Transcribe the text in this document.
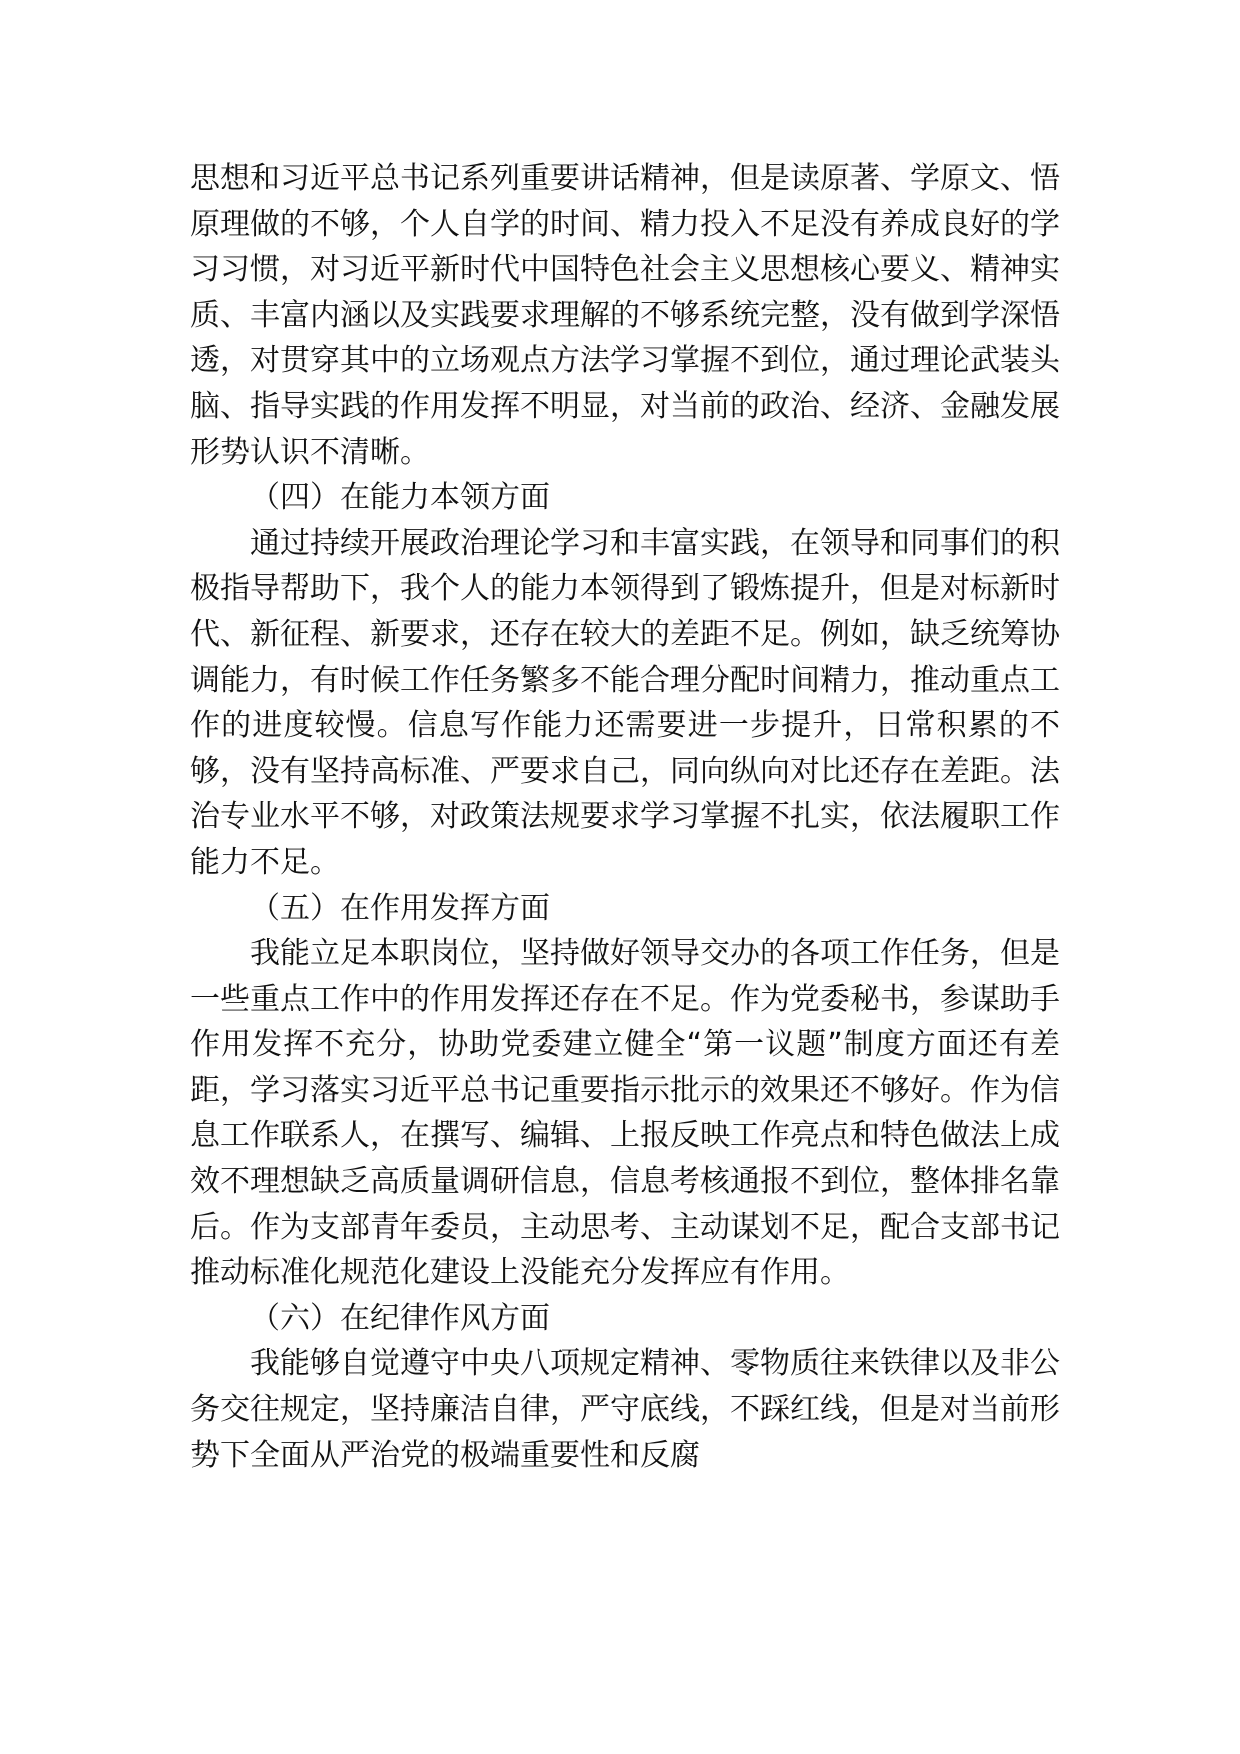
思想和习近平总书记系列重要讲话精神，但是读原著、学原文、悟原理做的不够，个人自学的时间、精力投入不足没有养成良好的学习习惯，对习近平新时代中国特色社会主义思想核心要义、精神实质、丰富内涵以及实践要求理解的不够系统完整，没有做到学深悟透，对贯穿其中的立场观点方法学习掌握不到位，通过理论武装头脑、指导实践的作用发挥不明显，对当前的政治、经济、金融发展形势认识不清晰。

（四）在能力本领方面

通过持续开展政治理论学习和丰富实践，在领导和同事们的积极指导帮助下，我个人的能力本领得到了锻炼提升，但是对标新时代、新征程、新要求，还存在较大的差距不足。例如，缺乏统筹协调能力，有时候工作任务繁多不能合理分配时间精力，推动重点工作的进度较慢。信息写作能力还需要进一步提升，日常积累的不够，没有坚持高标准、严要求自己，同向纵向对比还存在差距。法治专业水平不够，对政策法规要求学习掌握不扎实，依法履职工作能力不足。

（五）在作用发挥方面

我能立足本职岗位，坚持做好领导交办的各项工作任务，但是一些重点工作中的作用发挥还存在不足。作为党委秘书，参谋助手作用发挥不充分，协助党委建立健全“第一议题”制度方面还有差距，学习落实习近平总书记重要指示批示的效果还不够好。作为信息工作联系人，在撰写、编辑、上报反映工作亮点和特色做法上成效不理想缺乏高质量调研信息，信息考核通报不到位，整体排名靠后。作为支部青年委员，主动思考、主动谋划不足，配合支部书记推动标准化规范化建设上没能充分发挥应有作用。

（六）在纪律作风方面

我能够自觉遵守中央八项规定精神、零物质往来铁律以及非公务交往规定，坚持廉洁自律，严守底线，不踩红线，但是对当前形势下全面从严治党的极端重要性和反腐
